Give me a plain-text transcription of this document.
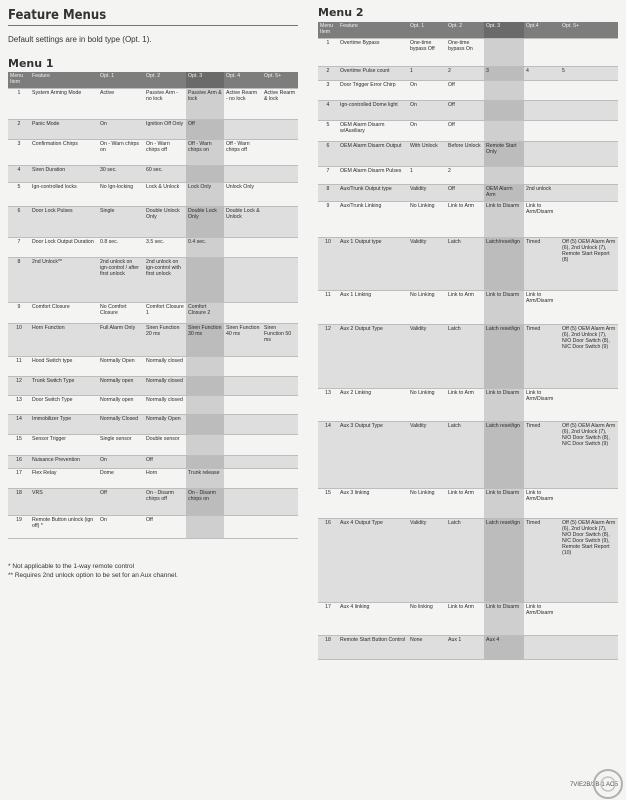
Feature Menus
Default settings are in bold type (Opt. 1).
Menu 1
Menu 2
Menu Item	Feature	Opt. 1	Opt. 2	Opt. 3	Opt. 4	Opt. 5+
1	System Arming Mode	Active	Passive Arm - no lock	Passive Arm & lock	Active Rearm - no lock	Active Rearm & lock
2	Panic Mode	On	Ignition Off Only	Off		
3	Confirmation Chirps	On - Warn chirps on	On - Warn chirps off	Off - Warn chirps on	Off - Warn chirps off	
4	Siren Duration	30 sec.	60 sec.			
5	Ign-controlled locks	No Ign-locking	Lock & Unlock	Lock Only	Unlock Only	
6	Door Lock Pulses	Single	Double Unlock Only	Double Lock Only	Double Lock & Unlock	
7	Door Lock Output Duration	0.8 sec.	3.5 sec.	0.4 sec.		
8	2nd Unlock**	2nd unlock on ign-control / after first unlock	2nd unlock on ign-control with first unlock			
9	Comfort Closure	No Comfort Closure	Comfort Closure 1	Comfort Closure 2		
10	Horn Function	Full Alarm Only	Siren Function 20 ms	Siren Function 30 ms	Siren Function 40 ms	Siren Function 50 ms
11	Hood Switch type	Normally Open	Normally closed			
12	Trunk Switch Type	Normally open	Normally closed			
13	Door Switch Type	Normally open	Normally closed			
14	Immobilizer Type	Normally Closed	Normally Open			
15	Sensor Trigger	Single sensor	Double sensor			
16	Nuisance Prevention	On	Off			
17	Flex Relay	Dome	Horn	Trunk release		
18	VRS	Off	On - Disarm chirps off	On - Disarm chirps on		
19	Remote Button unlock (ign off) *	On	Off			
* Not applicable to the 1-way remote control
** Requires 2nd unlock option to be set for an Aux channel.
Menu Item	Feature	Opt. 1	Opt. 2	Opt. 3	Opt.4	Opt. 5+
1	Overtime Bypass	One-time bypass Off	One-time bypass On			
2	Overtime Pulse count	1	2	3	4	5
3	Door Trigger Error Chirp	On	Off			
4	Ign-controlled Dome light	On	Off			
5	OEM Alarm Disarm w/Auxiliary	On	Off			
6	OEM Alarm Disarm Output	With Unlock	Before Unlock	Remote Start Only		
7	OEM Alarm Disarm Pulses	1	2			
8	Aux/Trunk Output type	Validity	Off	OEM Alarm Arm	2nd unlock	
9	Aux/Trunk Linking	No Linking	Link to Arm	Link to Disarm	Link to Arm/Disarm	
10	Aux 1 Output type	Validity	Latch	Latch/reset/ign	Timed	Off (5) OEM Alarm Arm (6), 2nd Unlock (7), Remote Start Report (8)
11	Aux 1 Linking	No Linking	Link to Arm	Link to Disarm	Link to Arm/Disarm	
12	Aux 2 Output Type	Validity	Latch	Latch reset/ign	Timed	Off (5) OEM Alarm Arm (6), 2nd Unlock (7), N/O Door Switch (8), N/C Door Switch (9)
13	Aux 2 Linking	No Linking	Link to Arm	Link to Disarm	Link to Arm/Disarm	
14	Aux 3 Output Type	Validity	Latch	Latch reset/ign	Timed	Off (5) OEM Alarm Arm (6), 2nd Unlock (7), N/O Door Switch (8), N/C Door Switch (9)
15	Aux 3 linking	No Linking	Link to Arm	Link to Disarm	Link to Arm/Disarm	
16	Aux 4 Output Type	Validity	Latch	Latch reset/ign	Timed	Off (5) OEM Alarm Arm (6), 2nd Unlock (7), N/O Door Switch (8), N/C Door Switch (9), Remote Start Report (10)
17	Aux 4 linking	No linking	Link to Arm	Link to Disarm	Link to Arm/Disarm	
18	Remote Start Button Control	None	Aux 1	Aux 4		
7VIE2B/2B-1 AO5
